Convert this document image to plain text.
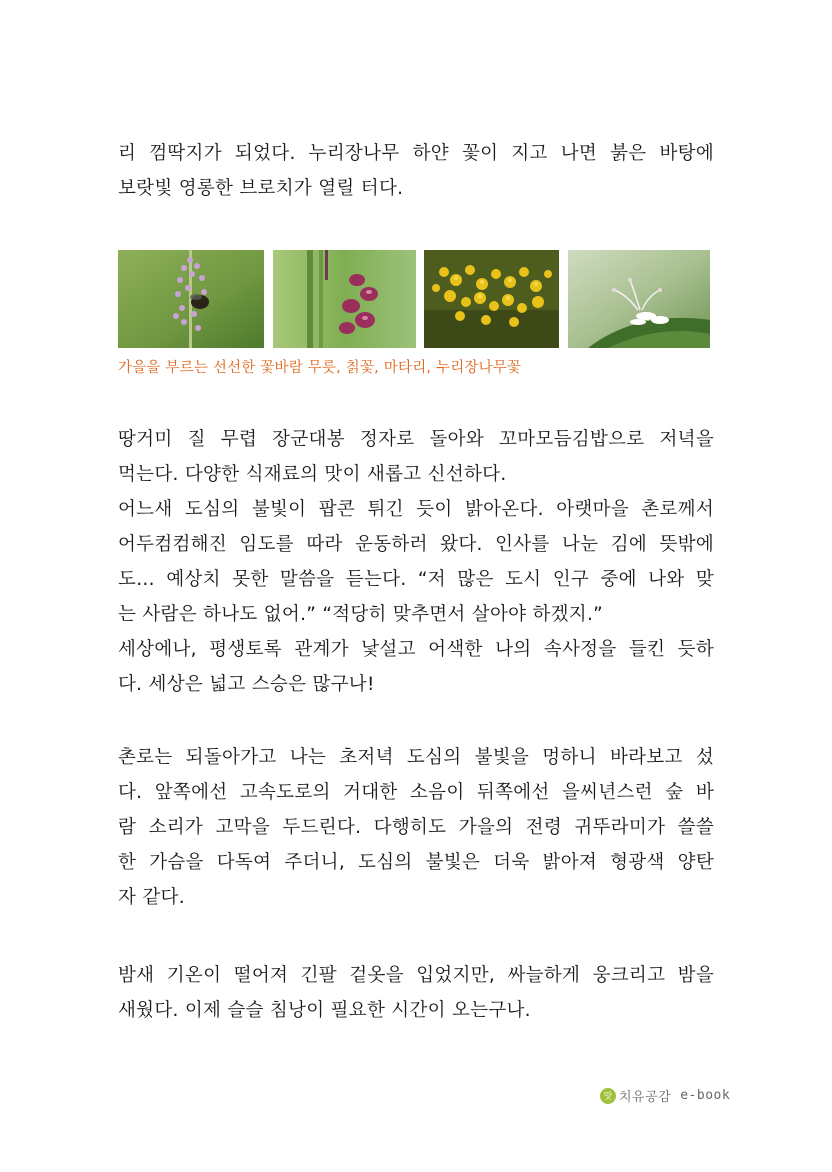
리 껌딱지가 되었다. 누리장나무 하얀 꽃이 지고 나면 붉은 바탕에
보랏빛 영롱한 브로치가 열릴 터다.

가을을 부르는 선선한 꽃바람 무릇, 칡꽃, 마타리, 누리장나무꽃

땅거미 질 무렵 장군대봉 정자로 돌아와 꼬마모듬김밥으로 저녁을
먹는다. 다양한 식재료의 맛이 새롭고 신선하다.
어느새 도심의 불빛이 팝콘 튀긴 듯이 밝아온다. 아랫마을 촌로께서
어두컴컴해진 임도를 따라 운동하러 왔다. 인사를 나눈 김에 뜻밖에
도… 예상치 못한 말씀을 듣는다. “저 많은 도시 인구 중에 나와 맞
는 사람은 하나도 없어.” “적당히 맞추면서 살아야 하겠지.”
세상에나, 평생토록 관계가 낯설고 어색한 나의 속사정을 들킨 듯하
다. 세상은 넓고 스승은 많구나!

촌로는 되돌아가고 나는 초저녁 도심의 불빛을 멍하니 바라보고 섰
다. 앞쪽에선 고속도로의 거대한 소음이 뒤쪽에선 을씨년스런 숲 바
람 소리가 고막을 두드린다. 다행히도 가을의 전령 귀뚜라미가 쓸쓸
한 가슴을 다독여 주더니, 도심의 불빛은 더욱 밝아져 형광색 양탄
자 같다.

밤새 기온이 떨어져 긴팔 겉옷을 입었지만, 싸늘하게 웅크리고 밤을
새웠다. 이제 슬슬 침낭이 필요한 시간이 오는구나.

맛 치유공감 e-book
